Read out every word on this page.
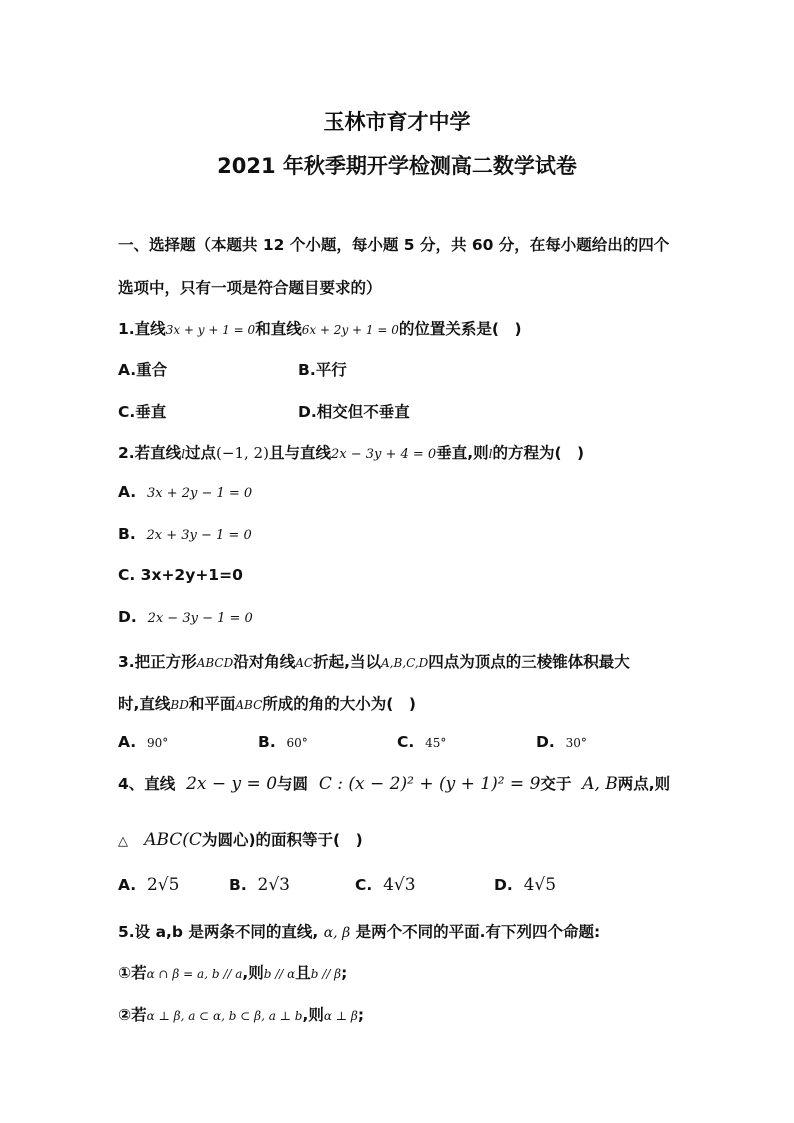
玉林市育才中学
2021 年秋季期开学检测高二数学试卷
一、选择题（本题共 12 个小题，每小题 5 分，共 60 分，在每小题给出的四个
选项中，只有一项是符合题目要求的）
1.直线3x + y + 1 = 0和直线6x + 2y + 1 = 0的位置关系是(　)
A.重合	B.平行
C.垂直	D.相交但不垂直
2.若直线l过点(−1, 2)且与直线2x − 3y + 4 = 0垂直,则l的方程为(　)
A. 3x + 2y − 1 = 0
B. 2x + 3y − 1 = 0
C. 3x+2y+1=0
D. 2x − 3y − 1 = 0
3.把正方形ABCD沿对角线AC折起,当以A,B,C,D四点为顶点的三棱锥体积最大
时,直线BD和平面ABC所成的角的大小为(　)
A. 90°	B. 60°	C. 45°	D. 30°
4、直线 2x − y = 0与圆 C : (x − 2)² + (y + 1)² = 9交于 A, B两点,则
△ ABC(C为圆心)的面积等于(　)
A. 2√5	B. 2√3	C. 4√3	D. 4√5
5.设 a,b 是两条不同的直线, α, β 是两个不同的平面.有下列四个命题:
①若α ∩ β = a, b // a,则b // α且b // β;
②若α ⊥ β, a ⊂ α, b ⊂ β, a ⊥ b,则α ⊥ β;
